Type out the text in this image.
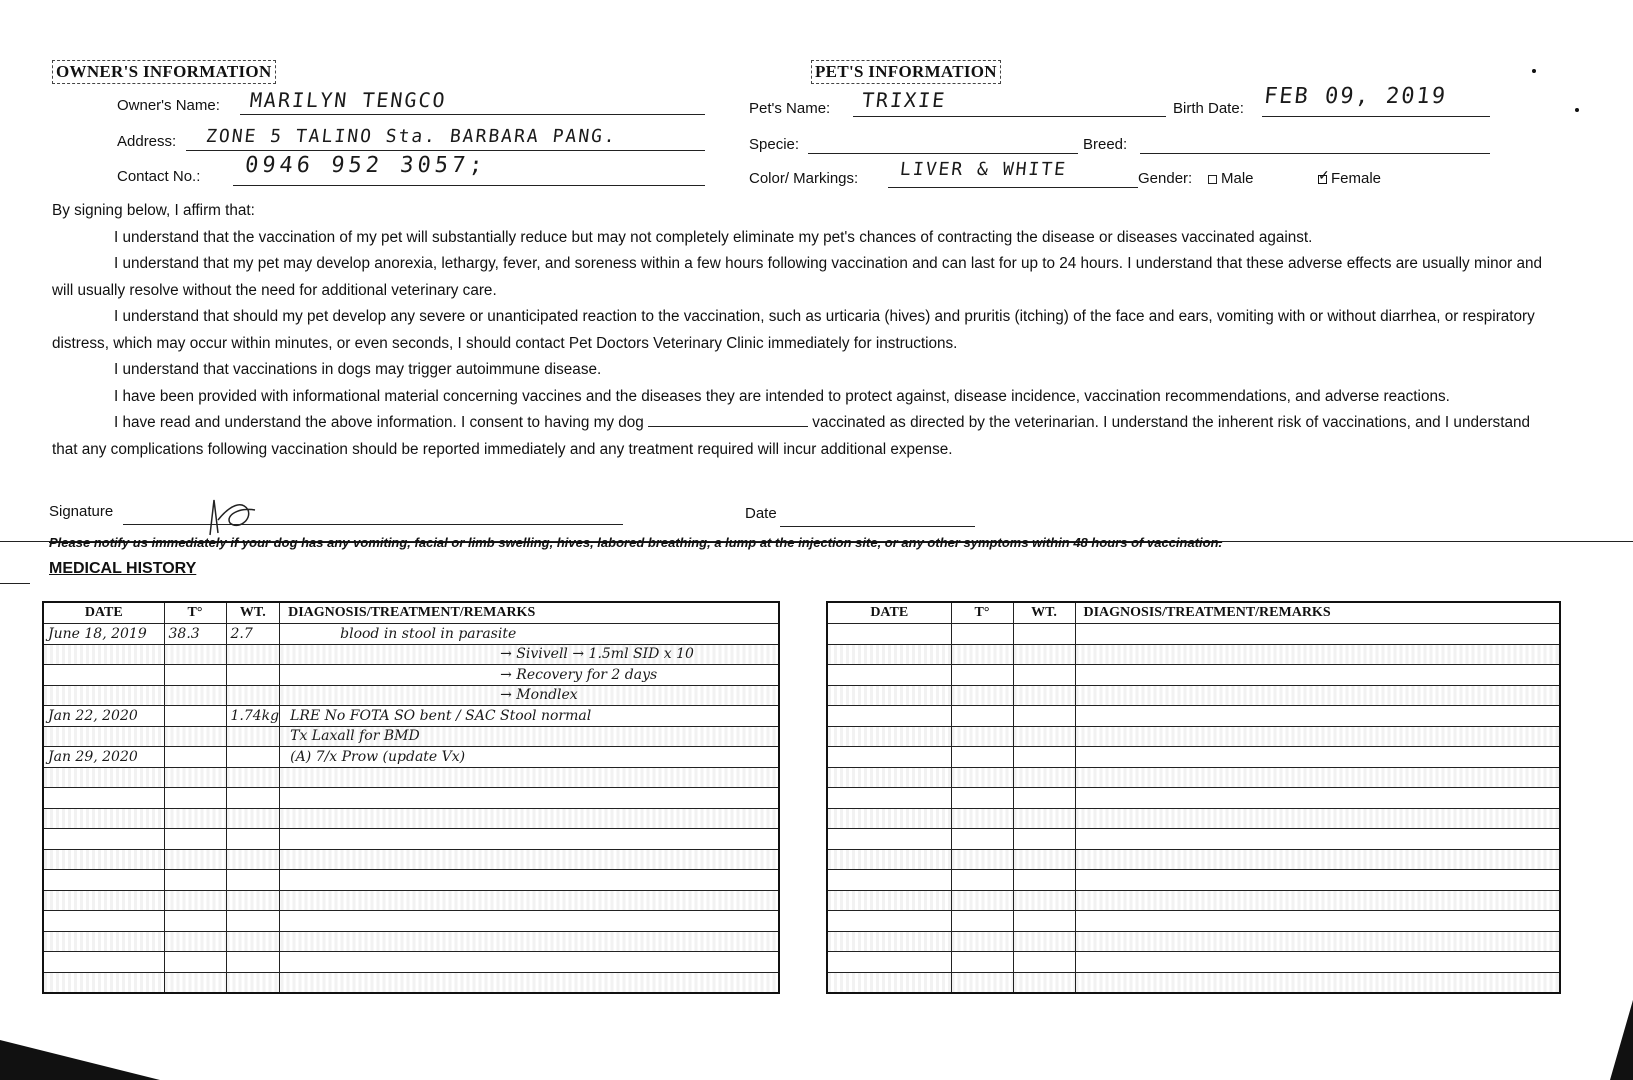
OWNER'S INFORMATION
Owner's Name: MARILYN TENGCO
Address: ZONE 5 TALINO Sta. BARBARA PANG.
Contact No.: 0946 952 3057;
PET'S INFORMATION
Pet's Name: TRIXIE	Birth Date: FEB 09, 2019
Specie:	Breed:
Color/ Markings: LIVER & WHITE	Gender:	Male	Female
✓

By signing below, I affirm that:

I understand that the vaccination of my pet will substantially reduce but may not completely eliminate my pet's chances of contracting the disease or diseases vaccinated against.

I understand that my pet may develop anorexia, lethargy, fever, and soreness within a few hours following vaccination and can last for up to 24 hours. I understand that these adverse effects are usually minor and will usually resolve without the need for additional veterinary care.

I understand that should my pet develop any severe or unanticipated reaction to the vaccination, such as urticaria (hives) and pruritis (itching) of the face and ears, vomiting with or without diarrhea, or respiratory distress, which may occur within minutes, or even seconds, I should contact Pet Doctors Veterinary Clinic immediately for instructions.

I understand that vaccinations in dogs may trigger autoimmune disease.

I have been provided with informational material concerning vaccines and the diseases they are intended to protect against, disease incidence, vaccination recommendations, and adverse reactions.

I have read and understand the above information. I consent to having my dog	vaccinated as directed by the veterinarian. I understand the inherent risk of vaccinations, and I understand that any complications following vaccination should be reported immediately and any treatment required will incur additional expense.

Signature	Date
Please notify us immediately if your dog has any vomiting, facial or limb swelling, hives, labored breathing, a lump at the injection site, or any other symptoms within 48 hours of vaccination.
MEDICAL HISTORY
DATE	T°	WT.	DIAGNOSIS/TREATMENT/REMARKS
June 18, 2019	38.3	2.7	blood in stool in parasite
			→ Sivivell → 1.5ml SID x 10
			→ Recovery for 2 days
			→ Mondlex
Jan 22, 2020		1.74kg	LRE No FOTA SO bent / SAC Stool normal
			Tx Laxall for BMD
Jan 29, 2020			(A) 7/x Prow (update Vx)

DATE	T°	WT.	DIAGNOSIS/TREATMENT/REMARKS
